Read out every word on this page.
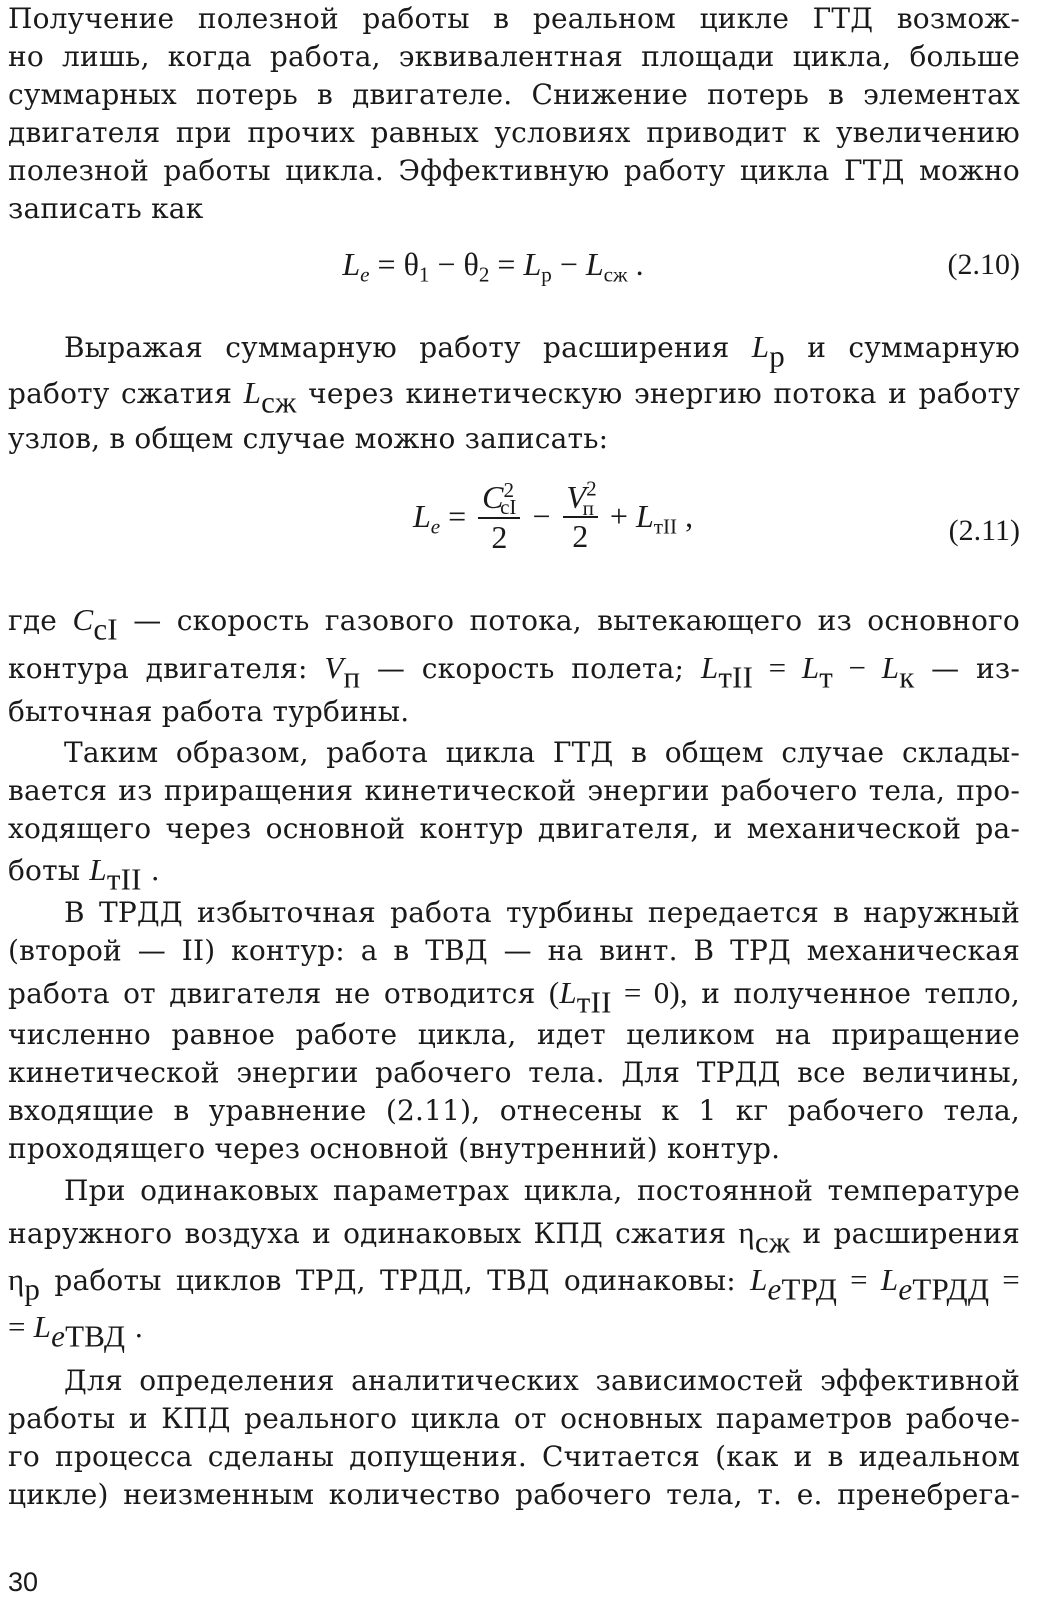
Получение полезной работы в реальном цикле ГТД возмож-
но лишь, когда работа, эквивалентная площади цикла, больше
суммарных потерь в двигателе. Снижение потерь в элементах
двигателя при прочих равных условиях приводит к увеличению
полезной работы цикла. Эффективную работу цикла ГТД можно
записать как
$L_e = \theta_1 - \theta_2 = L_р - L_{сж}$ .	(2.10)
Выражая суммарную работу расширения $L_р$ и суммарную
работу сжатия $L_{сж}$ через кинетическую энергию потока и работу
узлов, в общем случае можно записать:
$L_e = \frac{C^2_{cI}}{2} - \frac{V^2_п}{2} + L_{тII}$ ,	(2.11)
где $C_{cI}$ — скорость газового потока, вытекающего из основного
контура двигателя: $V_п$ — скорость полета; $L_{тII} = L_т - L_к$ — из-
быточная работа турбины.
Таким образом, работа цикла ГТД в общем случае склады-
вается из приращения кинетической энергии рабочего тела, про-
ходящего через основной контур двигателя, и механической ра-
боты $L_{тII}$ .
В ТРДД избыточная работа турбины передается в наружный
(второй — II) контур: а в ТВД — на винт. В ТРД механическая
работа от двигателя не отводится $(L_{тII} = 0)$, и полученное тепло,
численно равное работе цикла, идет целиком на приращение
кинетической энергии рабочего тела. Для ТРДД все величины,
входящие в уравнение (2.11), отнесены к 1 кг рабочего тела,
проходящего через основной (внутренний) контур.
При одинаковых параметрах цикла, постоянной температуре
наружного воздуха и одинаковых КПД сжатия $\eta_{сж}$ и расширения
$\eta_р$ работы циклов ТРД, ТРДД, ТВД одинаковы: $L_{eТРД} = L_{eТРДД}$ =
= $L_{eТВД}$ .
Для определения аналитических зависимостей эффективной
работы и КПД реального цикла от основных параметров рабоче-
го процесса сделаны допущения. Считается (как и в идеальном
цикле) неизменным количество рабочего тела, т. е. пренебрега-
30
